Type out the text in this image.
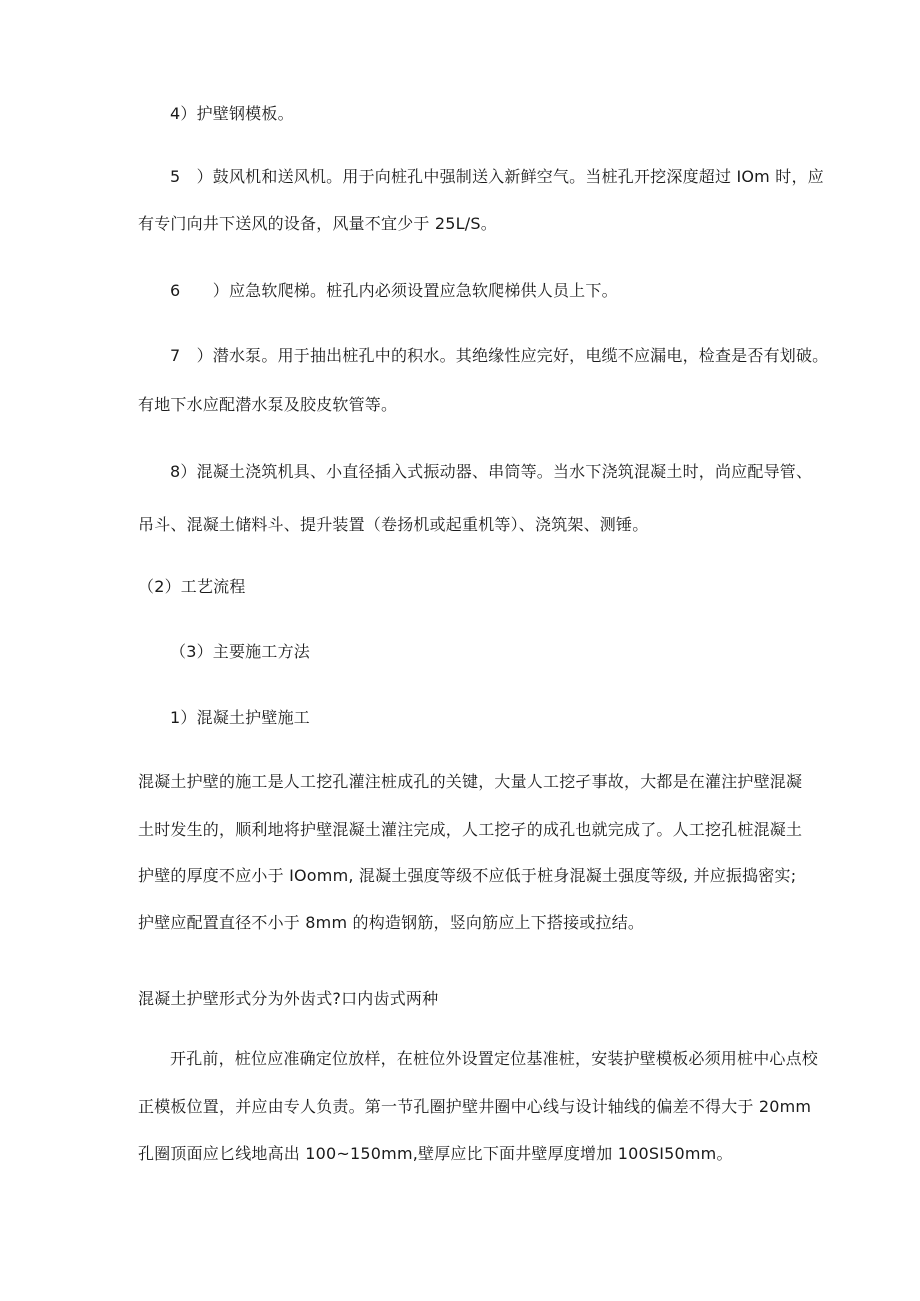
4）护壁钢模板。
5　）鼓风机和送风机。用于向桩孔中强制送入新鲜空气。当桩孔开挖深度超过 IOm 时，应
有专门向井下送风的设备，风量不宜少于 25L/S。
6　　）应急软爬梯。桩孔内必须设置应急软爬梯供人员上下。
7　）潜水泵。用于抽出桩孔中的积水。其绝缘性应完好，电缆不应漏电，检查是否有划破。
有地下水应配潜水泵及胶皮软管等。
8）混凝土浇筑机具、小直径插入式振动器、串筒等。当水下浇筑混凝土时，尚应配导管、
吊斗、混凝土储料斗、提升装置（卷扬机或起重机等）、浇筑架、测锤。
（2）工艺流程
（3）主要施工方法
1）混凝土护壁施工
混凝土护壁的施工是人工挖孔灌注桩成孔的关键，大量人工挖孑事故，大都是在灌注护壁混凝
土时发生的，顺利地将护壁混凝土灌注完成，人工挖孑的成孔也就完成了。人工挖孔桩混凝土
护壁的厚度不应小于 IOomm, 混凝土强度等级不应低于桩身混凝土强度等级, 并应振捣密实;
护壁应配置直径不小于 8mm 的构造钢筋，竖向筋应上下搭接或拉结。
混凝土护壁形式分为外齿式?口内齿式两种
开孔前，桩位应准确定位放样，在桩位外设置定位基准桩，安装护壁模板必须用桩中心点校
正模板位置，并应由专人负责。第一节孔圈护壁井圈中心线与设计轴线的偏差不得大于 20mm
孔圈顶面应匕线地高出 100~150mm,壁厚应比下面井壁厚度增加 100SI50mm。
